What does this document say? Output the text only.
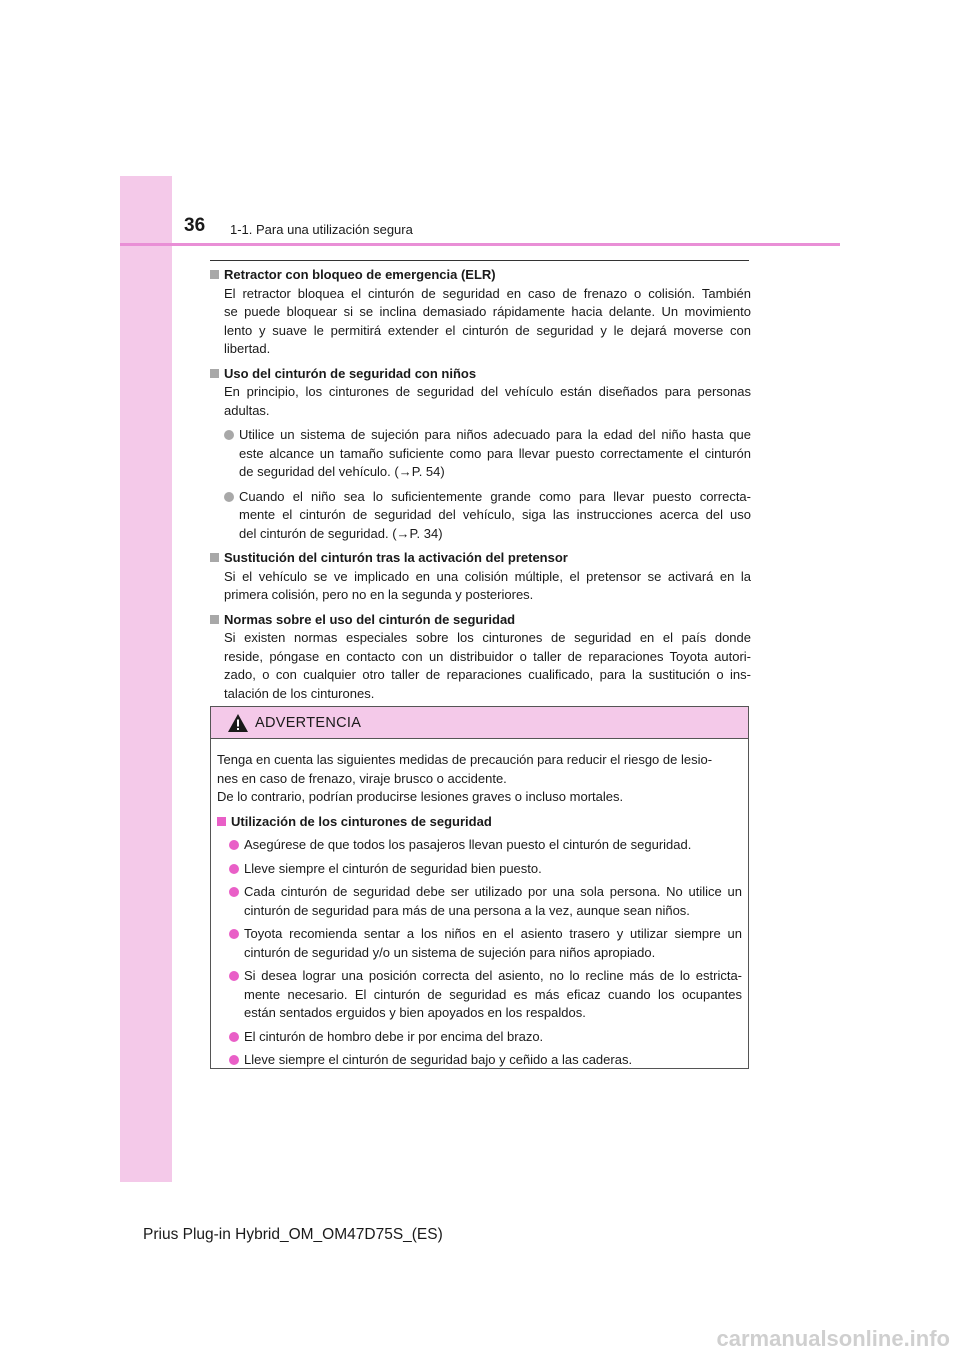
36 1-1. Para una utilización segura
Retractor con bloqueo de emergencia (ELR)
El retractor bloquea el cinturón de seguridad en caso de frenazo o colisión. También
se puede bloquear si se inclina demasiado rápidamente hacia delante. Un movimiento
lento y suave le permitirá extender el cinturón de seguridad y le dejará moverse con
libertad.
Uso del cinturón de seguridad con niños
En principio, los cinturones de seguridad del vehículo están diseñados para personas
adultas.
Utilice un sistema de sujeción para niños adecuado para la edad del niño hasta que
este alcance un tamaño suficiente como para llevar puesto correctamente el cinturón
de seguridad del vehículo. (→P. 54)
Cuando el niño sea lo suficientemente grande como para llevar puesto correcta-
mente el cinturón de seguridad del vehículo, siga las instrucciones acerca del uso
del cinturón de seguridad. (→P. 34)
Sustitución del cinturón tras la activación del pretensor
Si el vehículo se ve implicado en una colisión múltiple, el pretensor se activará en la
primera colisión, pero no en la segunda y posteriores.
Normas sobre el uso del cinturón de seguridad
Si existen normas especiales sobre los cinturones de seguridad en el país donde
reside, póngase en contacto con un distribuidor o taller de reparaciones Toyota autori-
zado, o con cualquier otro taller de reparaciones cualificado, para la sustitución o ins-
talación de los cinturones.
ADVERTENCIA
Tenga en cuenta las siguientes medidas de precaución para reducir el riesgo de lesio-
nes en caso de frenazo, viraje brusco o accidente.
De lo contrario, podrían producirse lesiones graves o incluso mortales.
Utilización de los cinturones de seguridad
Asegúrese de que todos los pasajeros llevan puesto el cinturón de seguridad.
Lleve siempre el cinturón de seguridad bien puesto.
Cada cinturón de seguridad debe ser utilizado por una sola persona. No utilice un
cinturón de seguridad para más de una persona a la vez, aunque sean niños.
Toyota recomienda sentar a los niños en el asiento trasero y utilizar siempre un
cinturón de seguridad y/o un sistema de sujeción para niños apropiado.
Si desea lograr una posición correcta del asiento, no lo recline más de lo estricta-
mente necesario. El cinturón de seguridad es más eficaz cuando los ocupantes
están sentados erguidos y bien apoyados en los respaldos.
El cinturón de hombro debe ir por encima del brazo.
Lleve siempre el cinturón de seguridad bajo y ceñido a las caderas.
Prius Plug-in Hybrid_OM_OM47D75S_(ES)
carmanualsonline.info
